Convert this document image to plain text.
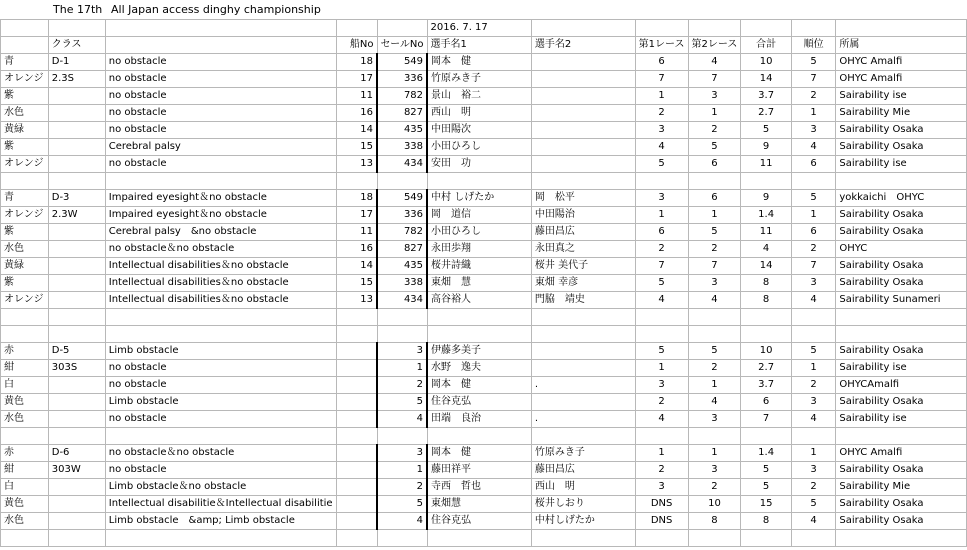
The 17th All Japan access dinghy championship
					2016. 7. 17						
	クラス		船No	セールNo	選手名1	選手名2	第1レース	第2レース	合計	順位	所属
青	D-1	no obstacle	18	549	岡本　健		6	4	10	5	OHYC Amalfi
オレンジ	2.3S	no obstacle	17	336	竹原みき子		7	7	14	7	OHYC Amalfi
紫		no obstacle	11	782	景山　裕二		1	3	3.7	2	Sairability ise
水色		no obstacle	16	827	西山　明		2	1	2.7	1	Sairability Mie
黄緑		no obstacle	14	435	中田陽次		3	2	5	3	Sairability Osaka
紫		Cerebral palsy	15	338	小田ひろし		4	5	9	4	Sairability Osaka
オレンジ		no obstacle	13	434	安田　功		5	6	11	6	Sairability ise

青	D-3	Impaired eyesight＆no obstacle	18	549	中村 しげたか	岡　松平	3	6	9	5	yokkaichi　OHYC
オレンジ	2.3W	Impaired eyesight＆no obstacle	17	336	岡　道信	中田陽治	1	1	1.4	1	Sairability Osaka
紫		Cerebral palsy　&no obstacle	11	782	小田ひろし	藤田昌広	6	5	11	6	Sairability Osaka
水色		no obstacle＆no obstacle	16	827	永田歩翔	永田真之	2	2	4	2	OHYC
黄緑		Intellectual disabilities＆no obstacle	14	435	桜井詩織	桜井 美代子	7	7	14	7	Sairability Osaka
紫		Intellectual disabilities＆no obstacle	15	338	東畑　慧	東畑 幸彦	5	3	8	3	Sairability Osaka
オレンジ		Intellectual disabilities＆no obstacle	13	434	高谷裕人	門脇　靖史	4	4	8	4	Sairability Sunameri

赤	D-5	Limb obstacle		3	伊藤多美子		5	5	10	5	Sairability Osaka
紺	303S	no obstacle		1	水野　逸夫		1	2	2.7	1	Sairability ise
白		no obstacle		2	岡本　健	.	3	1	3.7	2	OHYCAmalfi
黄色		Limb obstacle		5	住谷克弘		2	4	6	3	Sairability Osaka
水色		no obstacle		4	田端　良治	.	4	3	7	4	Sairability ise

赤	D-6	no obstacle＆no obstacle		3	岡本　健	竹原みき子	1	1	1.4	1	OHYC Amalfi
紺	303W	no obstacle		1	藤田祥平	藤田昌広	2	3	5	3	Sairability Osaka
白		Limb obstacle＆no obstacle		2	寺西　哲也	西山　明	3	2	5	2	Sairability Mie
黄色		Intellectual disabilitie＆Intellectual disabilitie		5	東畑慧	桜井しおり	DNS	10	15	5	Sairability Osaka
水色		Limb obstacle　&amp; Limb obstacle		4	住谷克弘	中村しげたか	DNS	8	8	4	Sairability Osaka
